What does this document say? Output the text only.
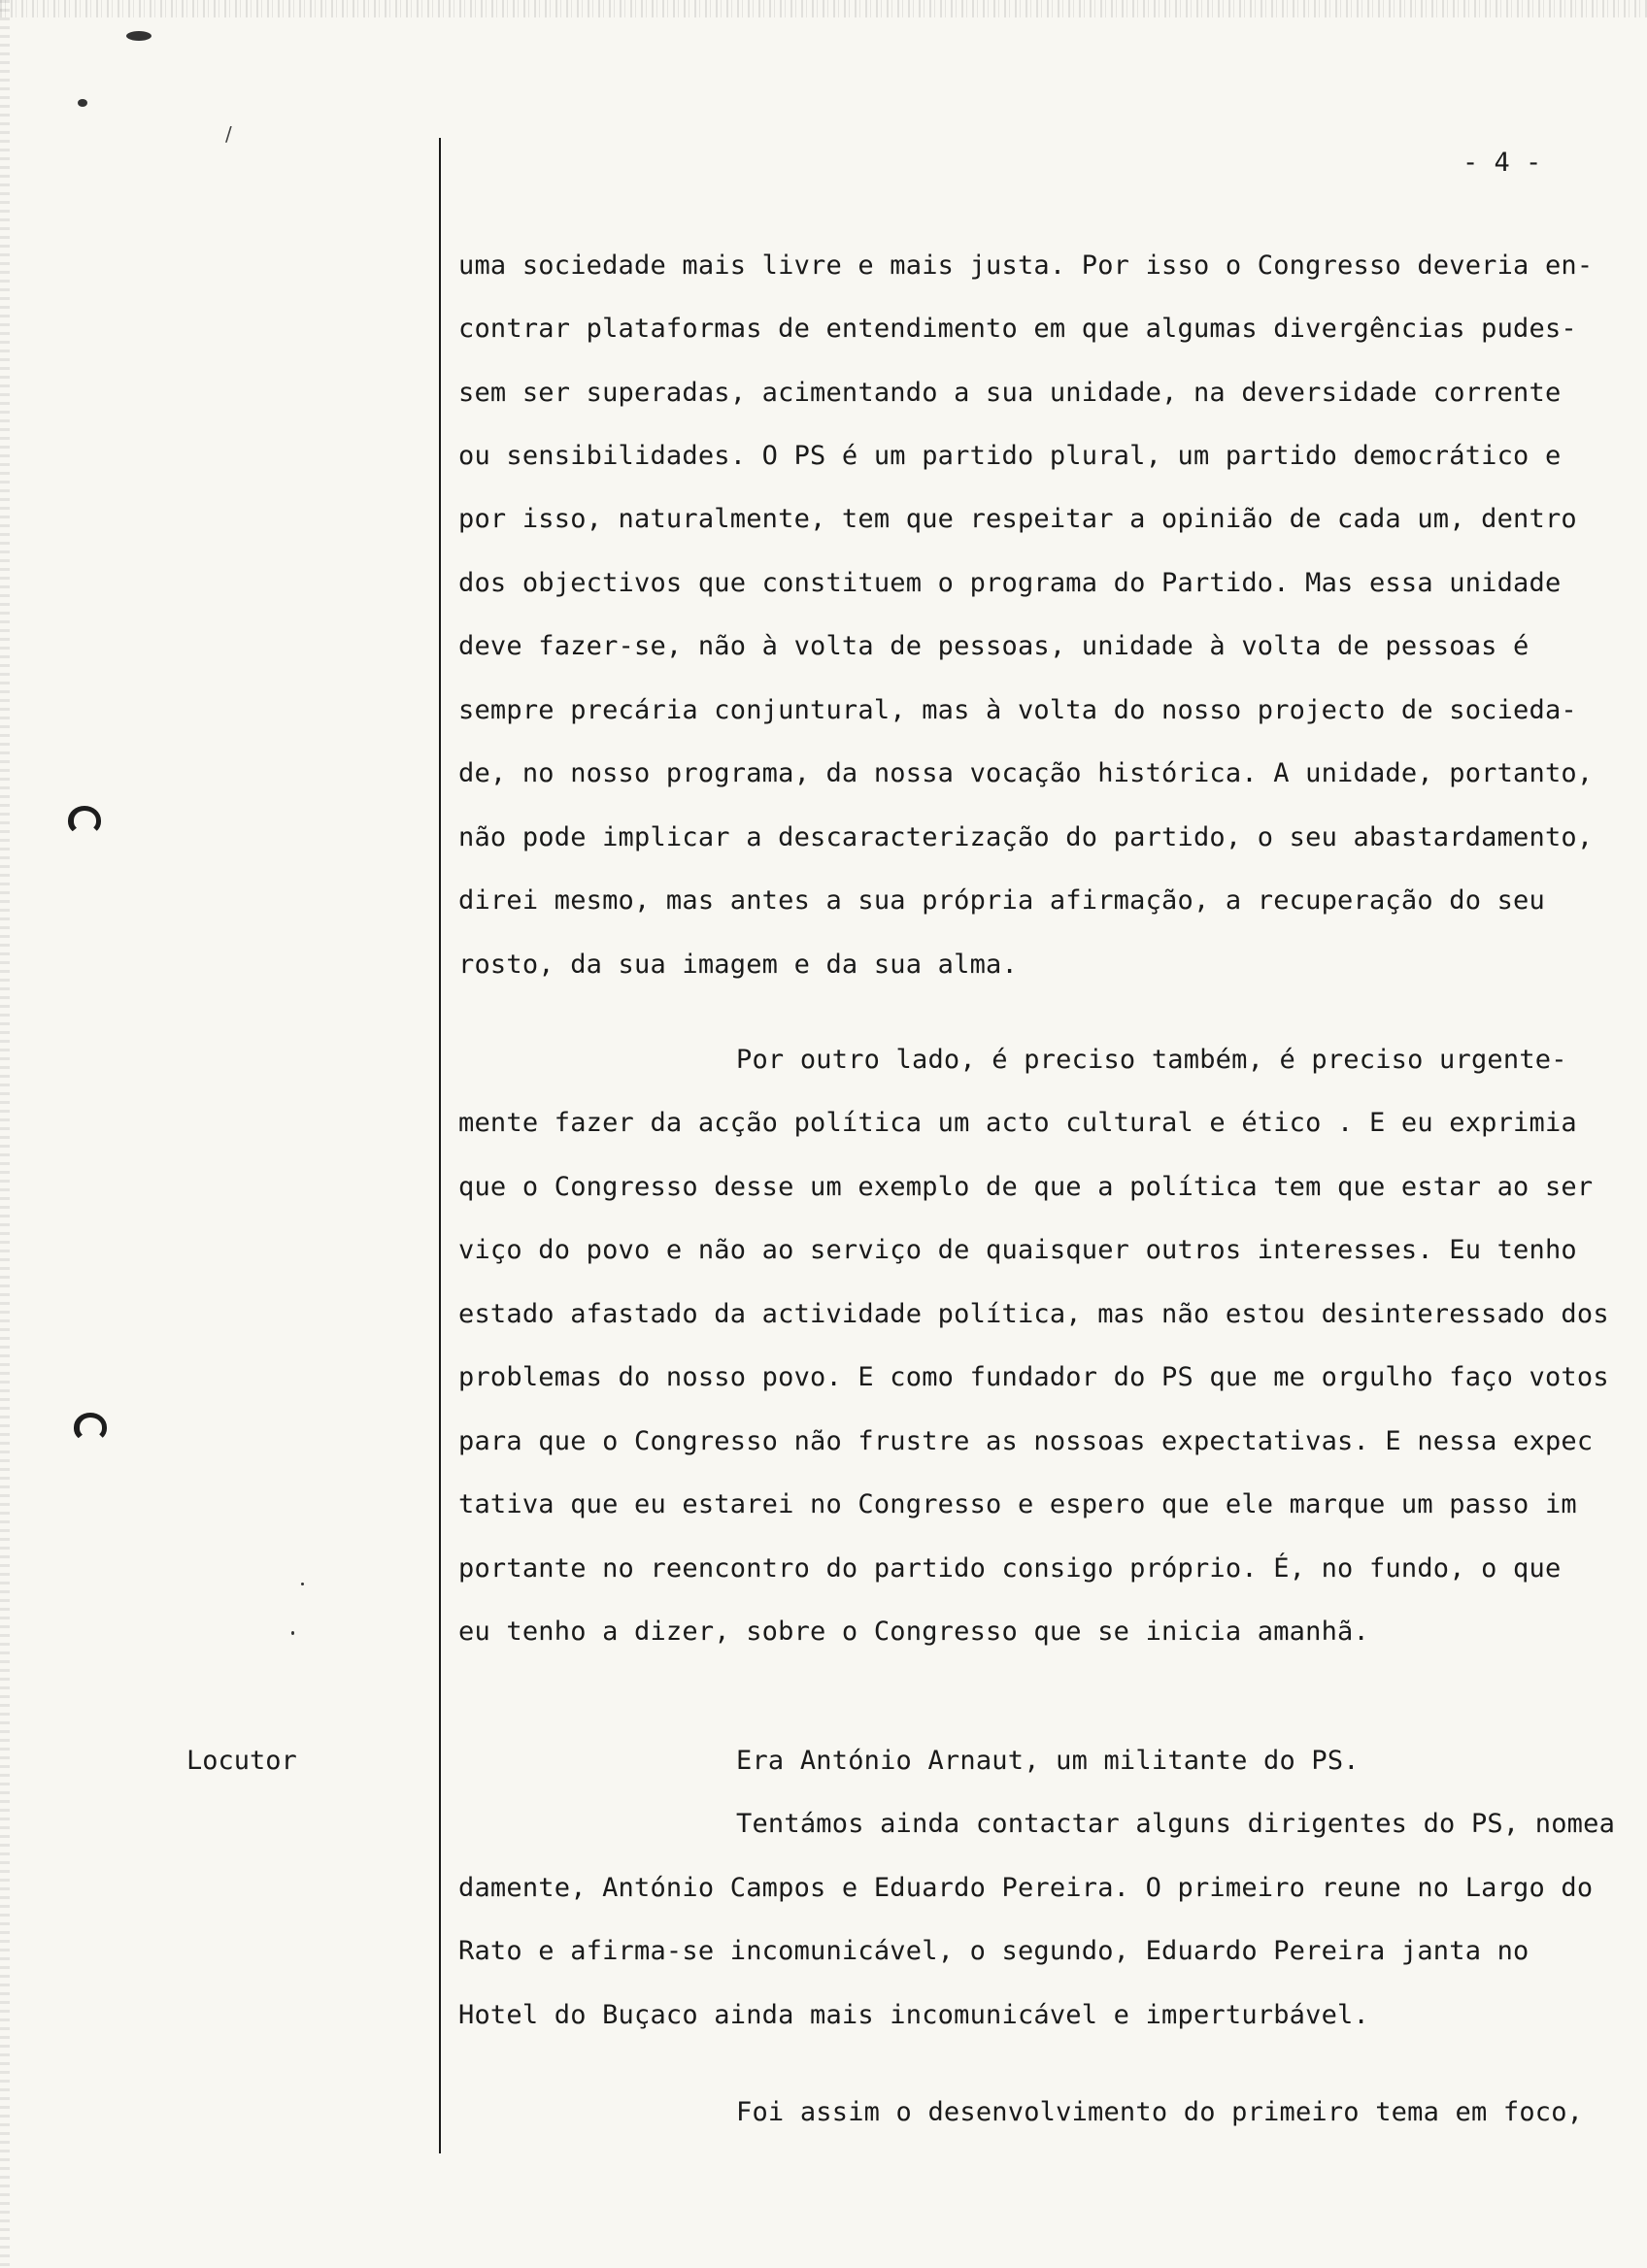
/
- 4 -
Locutor
uma sociedade mais livre e mais justa. Por isso o Congresso deveria en-
contrar plataformas de entendimento em que algumas divergências pudes-
sem ser superadas, acimentando a sua unidade, na deversidade corrente
ou sensibilidades. O PS é um partido plural, um partido democrático e
por isso, naturalmente, tem que respeitar a opinião de cada um, dentro
dos objectivos que constituem o programa do Partido. Mas essa unidade
deve fazer-se, não à volta de pessoas, unidade à volta de pessoas é
sempre precária conjuntural, mas à volta do nosso projecto de socieda-
de, no nosso programa, da nossa vocação histórica. A unidade, portanto,
não pode implicar a descaracterização do partido, o seu abastardamento,
direi mesmo, mas antes a sua própria afirmação, a recuperação do seu
rosto, da sua imagem e da sua alma.
Por outro lado, é preciso também, é preciso urgente-
mente fazer da acção política um acto cultural e ético . E eu exprimia
que o Congresso desse um exemplo de que a política tem que estar ao ser
viço do povo e não ao serviço de quaisquer outros interesses. Eu tenho
estado afastado da actividade política, mas não estou desinteressado dos
problemas do nosso povo. E como fundador do PS que me orgulho faço votos
para que o Congresso não frustre as nossoas expectativas. E nessa expec
tativa que eu estarei no Congresso e espero que ele marque um passo im
portante no reencontro do partido consigo próprio. É, no fundo, o que
eu tenho a dizer, sobre o Congresso que se inicia amanhã.
Era António Arnaut, um militante do PS.
Tentámos ainda contactar alguns dirigentes do PS, nomea
damente, António Campos e Eduardo Pereira. O primeiro reune no Largo do
Rato e afirma-se incomunicável, o segundo, Eduardo Pereira janta no
Hotel do Buçaco ainda mais incomunicável e imperturbável.
Foi assim o desenvolvimento do primeiro tema em foco,
